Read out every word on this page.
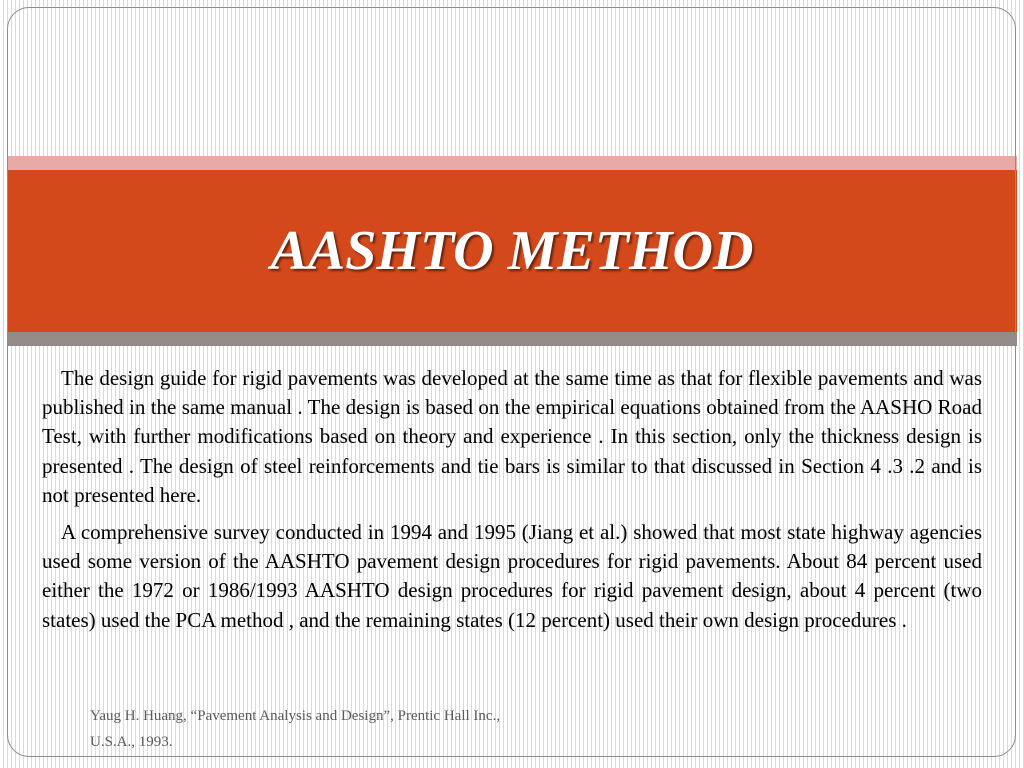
AASHTO METHOD

The design guide for rigid pavements was developed at the same time as that for flexible pavements and was published in the same manual . The design is based on the empirical equations obtained from the AASHO Road Test, with further modifications based on theory and experience . In this section, only the thickness design is presented . The design of steel reinforcements and tie bars is similar to that discussed in Section 4 .3 .2 and is not presented here.

A comprehensive survey conducted in 1994 and 1995 (Jiang et al.) showed that most state highway agencies used some version of the AASHTO pavement design procedures for rigid pavements. About 84 percent used either the 1972 or 1986/1993 AASHTO design procedures for rigid pavement design, about 4 percent (two states) used the PCA method , and the remaining states (12 percent) used their own design procedures .

Yaug H. Huang, “Pavement Analysis and Design”, Prentic Hall Inc.,
U.S.A., 1993.
